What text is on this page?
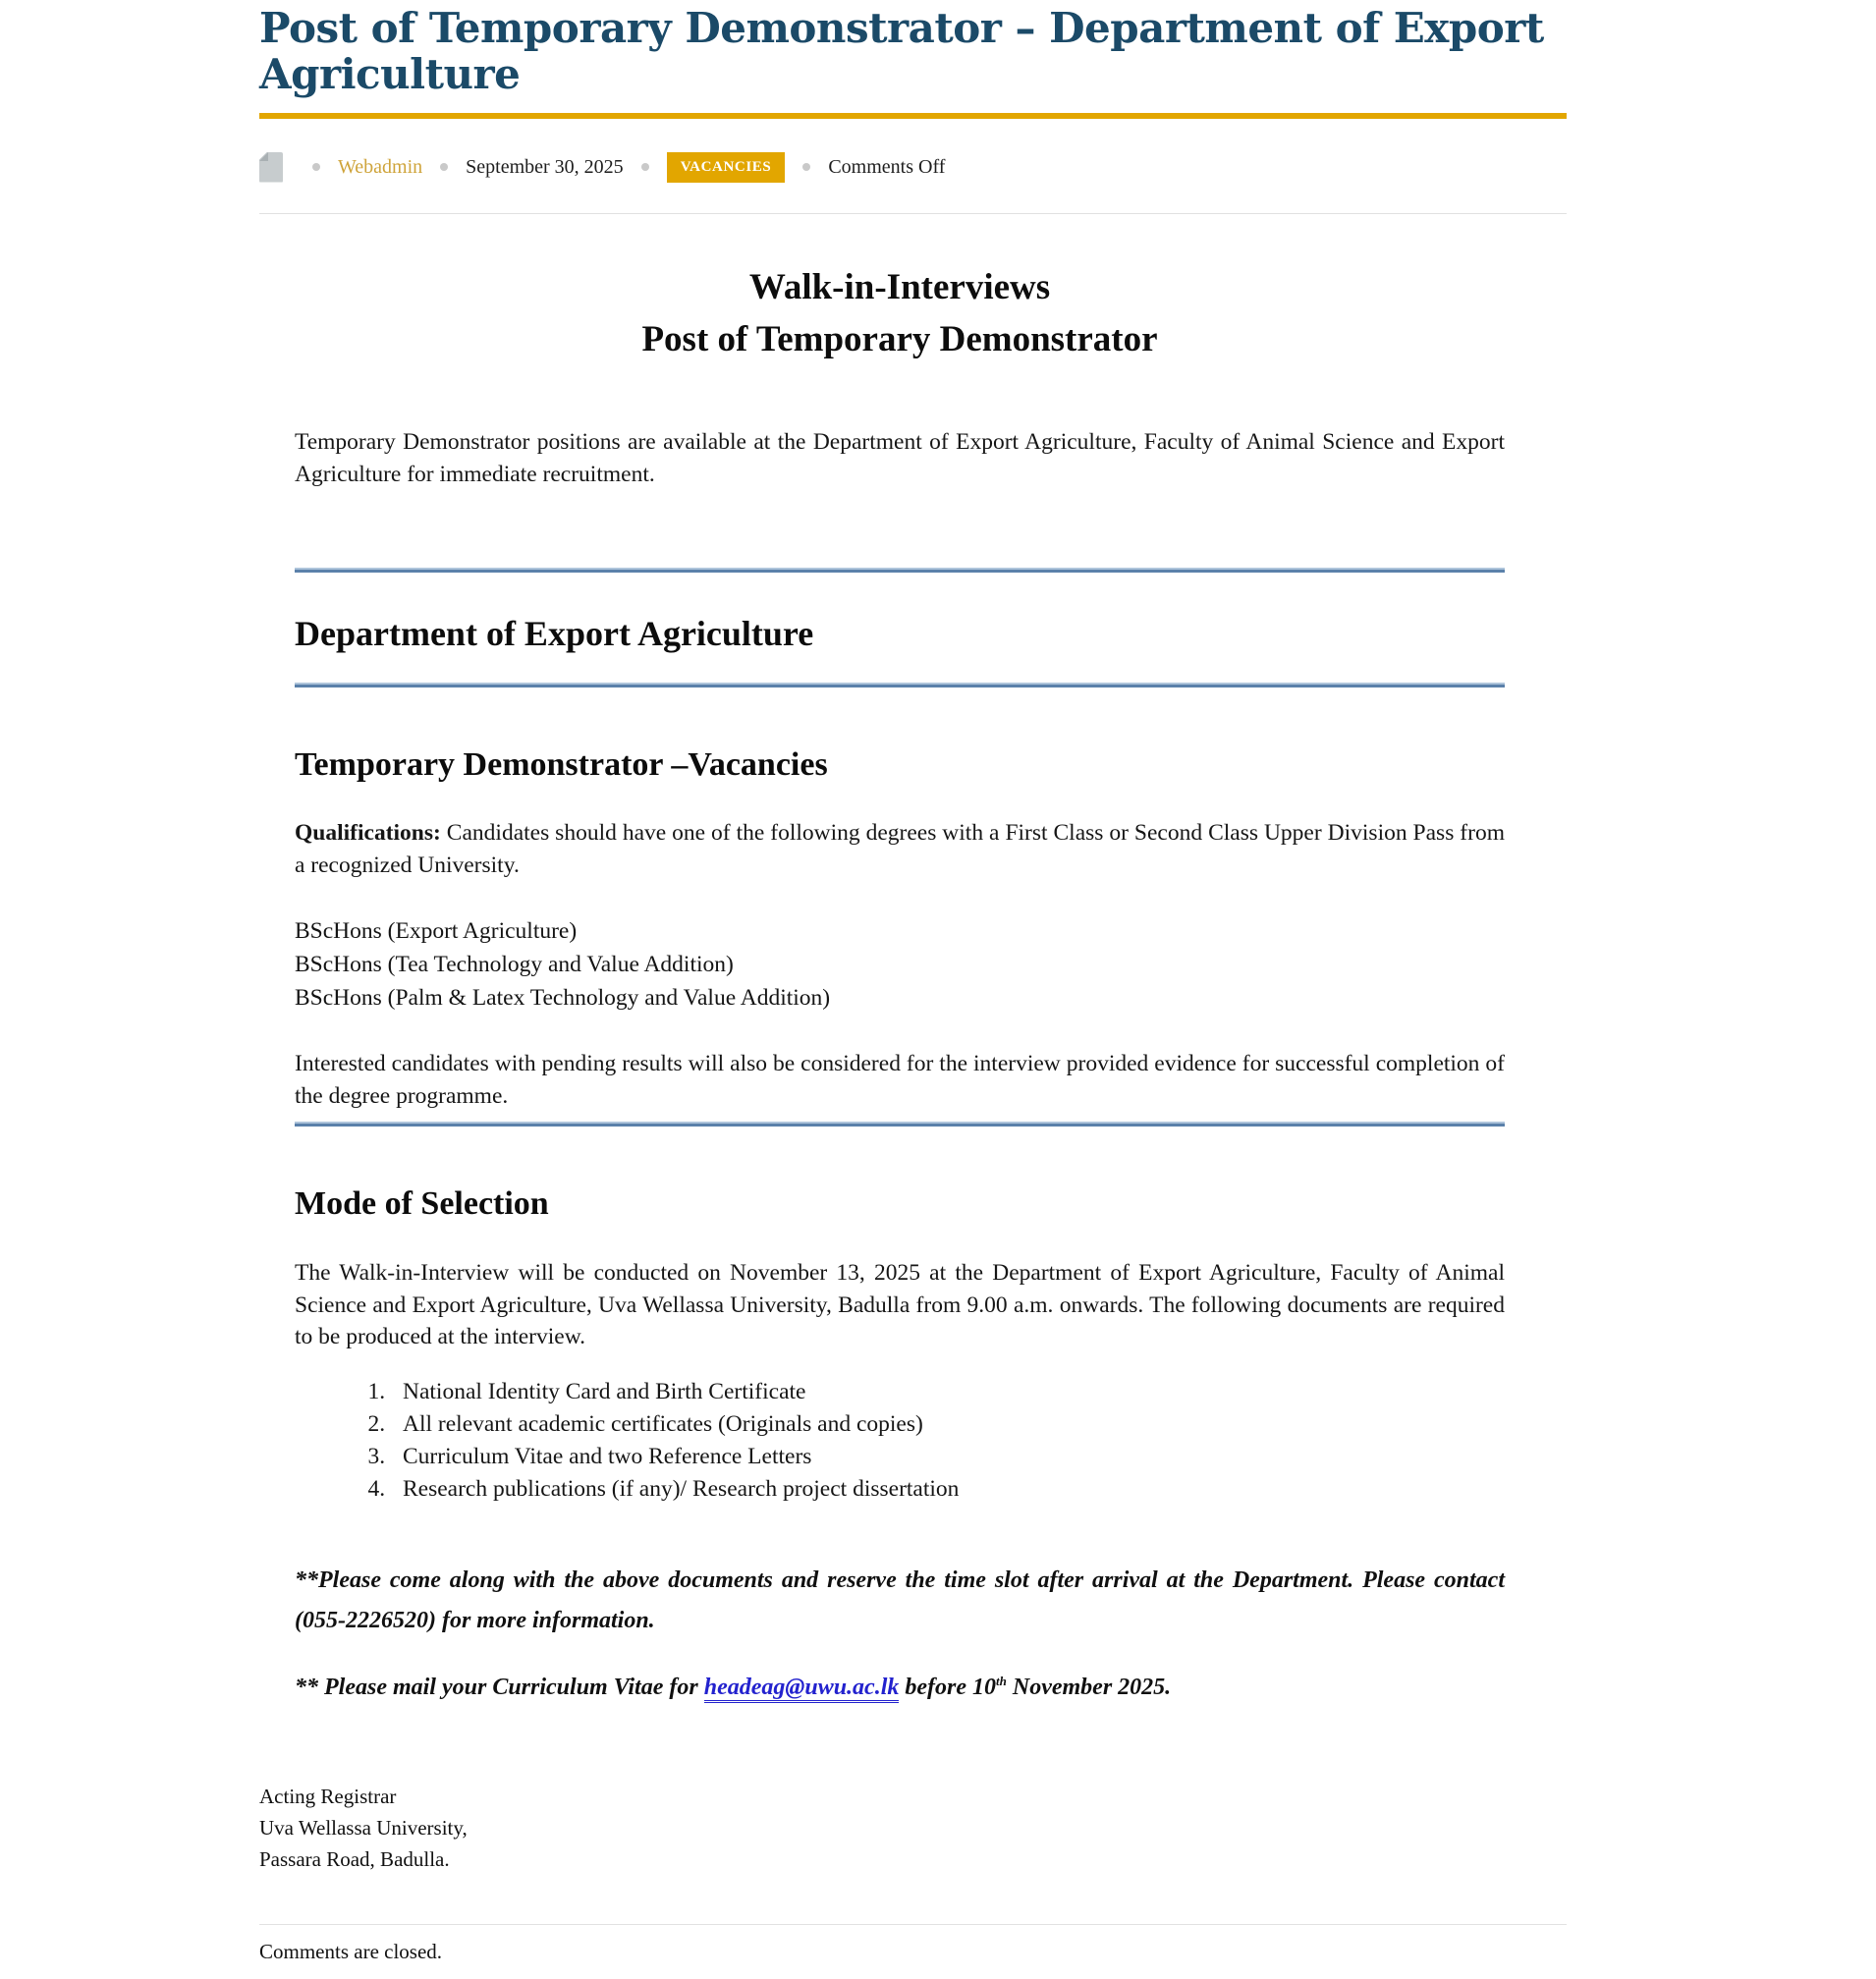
Post of Temporary Demonstrator – Department of Export Agriculture
Webadmin September 30, 2025	VACANCIES	Comments Off
Walk-in-Interviews
Post of Temporary Demonstrator

Temporary Demonstrator positions are available at the Department of Export Agriculture, Faculty of Animal Science and Export Agriculture for immediate recruitment.

Department of Export Agriculture
Temporary Demonstrator –Vacancies

Qualifications: Candidates should have one of the following degrees with a First Class or Second Class Upper Division Pass from a recognized University.

BScHons (Export Agriculture)
BScHons (Tea Technology and Value Addition)
BScHons (Palm & Latex Technology and Value Addition)

Interested candidates with pending results will also be considered for the interview provided evidence for successful completion of the degree programme.

Mode of Selection

The Walk-in-Interview will be conducted on November 13, 2025 at the Department of Export Agriculture, Faculty of Animal Science and Export Agriculture, Uva Wellassa University, Badulla from 9.00 a.m. onwards. The following documents are required to be produced at the interview.

1. National Identity Card and Birth Certificate
2. All relevant academic certificates (Originals and copies)
3. Curriculum Vitae and two Reference Letters
4. Research publications (if any)/ Research project dissertation

**Please come along with the above documents and reserve the time slot after arrival at the Department. Please contact (055-2226520) for more information.

** Please mail your Curriculum Vitae for headeag@uwu.ac.lk before 10th November 2025.

Acting Registrar

Uva Wellassa University,

Passara Road, Badulla.

Comments are closed.
